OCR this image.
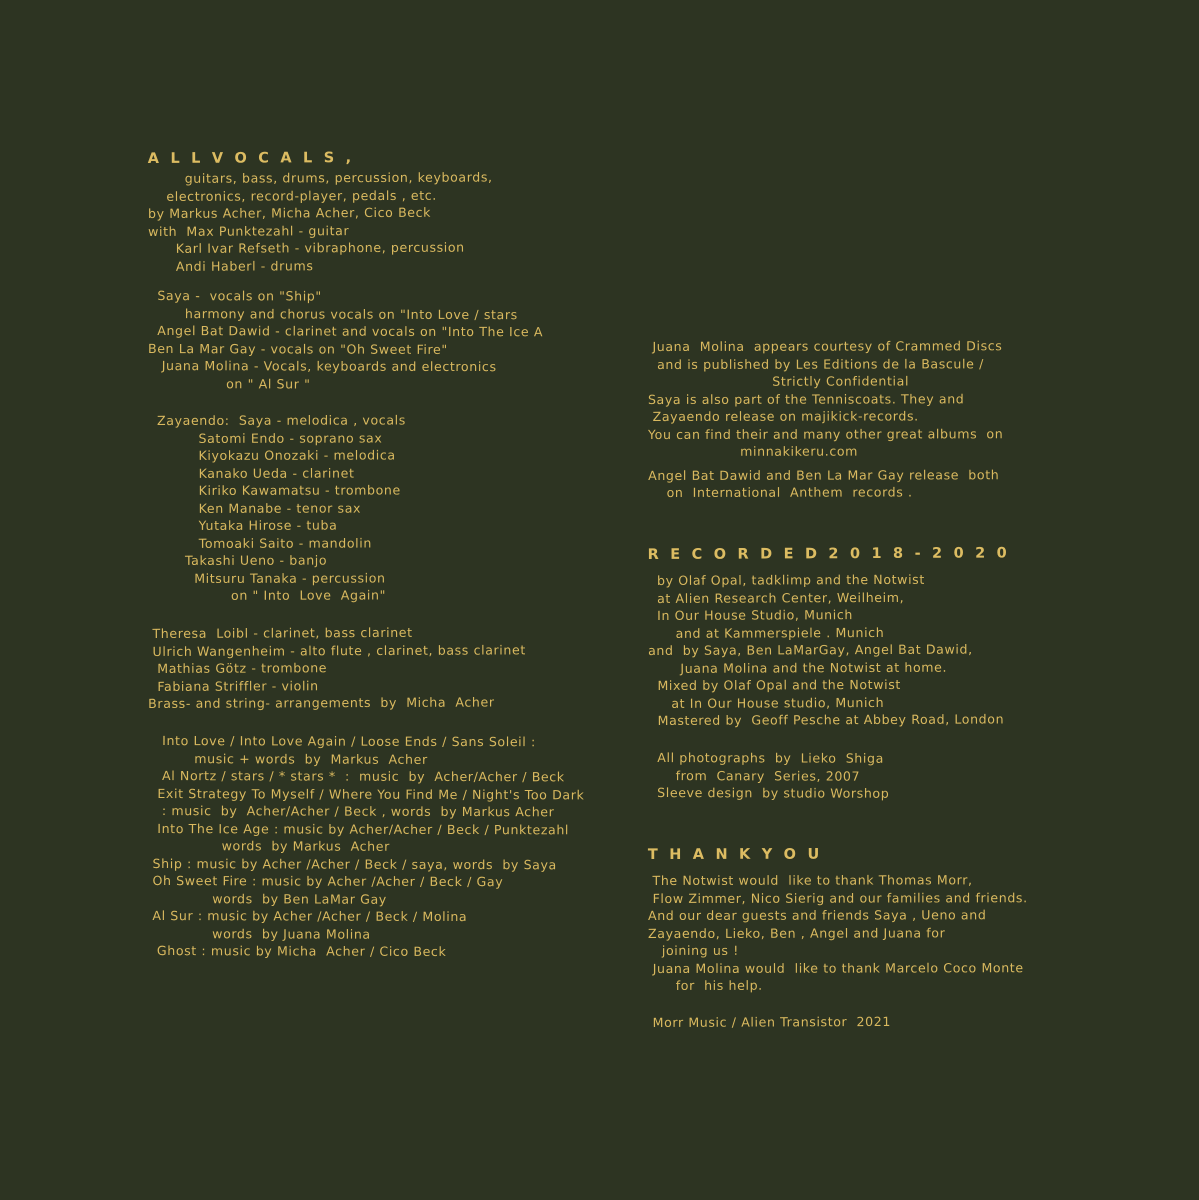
A L L V O C A L S ,
guitars, bass, drums, percussion, keyboards,
electronics, record-player, pedals , etc.
by Markus Acher, Micha Acher, Cico Beck
with  Max Punktezahl - guitar
Karl Ivar Refseth - vibraphone, percussion
Andi Haberl - drums
Saya -  vocals on "Ship"
harmony and chorus vocals on "Into Love / stars
Angel Bat Dawid - clarinet and vocals on "Into The Ice A
Ben La Mar Gay - vocals on "Oh Sweet Fire"
Juana Molina - Vocals, keyboards and electronics
on " Al Sur "
Zayaendo:  Saya - melodica , vocals
Satomi Endo - soprano sax
Kiyokazu Onozaki - melodica
Kanako Ueda - clarinet
Kiriko Kawamatsu - trombone
Ken Manabe - tenor sax
Yutaka Hirose - tuba
Tomoaki Saito - mandolin
Takashi Ueno - banjo
Mitsuru Tanaka - percussion
on " Into  Love  Again"
Theresa  Loibl - clarinet, bass clarinet
Ulrich Wangenheim - alto flute , clarinet, bass clarinet
Mathias Götz - trombone
Fabiana Striffler - violin
Brass- and string- arrangements  by  Micha  Acher
Into Love / Into Love Again / Loose Ends / Sans Soleil :
music + words  by  Markus  Acher
Al Nortz / stars / * stars *  :  music  by  Acher/Acher / Beck
Exit Strategy To Myself / Where You Find Me / Night's Too Dark
: music  by  Acher/Acher / Beck , words  by Markus Acher
Into The Ice Age : music by Acher/Acher / Beck / Punktezahl
words  by Markus  Acher
Ship : music by Acher /Acher / Beck / saya, words  by Saya
Oh Sweet Fire : music by Acher /Acher / Beck / Gay
words  by Ben LaMar Gay
Al Sur : music by Acher /Acher / Beck / Molina
words  by Juana Molina
Ghost : music by Micha  Acher / Cico Beck
Juana  Molina  appears courtesy of Crammed Discs
and is published by Les Editions de la Bascule /
Strictly Confidential
Saya is also part of the Tenniscoats. They and
Zayaendo release on majikick-records.
You can find their and many other great albums  on
minnakikeru.com
Angel Bat Dawid and Ben La Mar Gay release  both
on  International  Anthem  records .
R E C O R D E D 2 0 1 8 - 2 0 2 0
by Olaf Opal, tadklimp and the Notwist
at Alien Research Center, Weilheim,
In Our House Studio, Munich
and at Kammerspiele . Munich
and  by Saya, Ben LaMarGay, Angel Bat Dawid,
Juana Molina and the Notwist at home.
Mixed by Olaf Opal and the Notwist
at In Our House studio, Munich
Mastered by  Geoff Pesche at Abbey Road, London
All photographs  by  Lieko  Shiga
from  Canary  Series, 2007
Sleeve design  by studio Worshop
T H A N K Y O U
The Notwist would  like to thank Thomas Morr,
Flow Zimmer, Nico Sierig and our families and friends.
And our dear guests and friends Saya , Ueno and
Zayaendo, Lieko, Ben , Angel and Juana for
joining us !
Juana Molina would  like to thank Marcelo Coco Monte
for  his help.
Morr Music / Alien Transistor  2021
